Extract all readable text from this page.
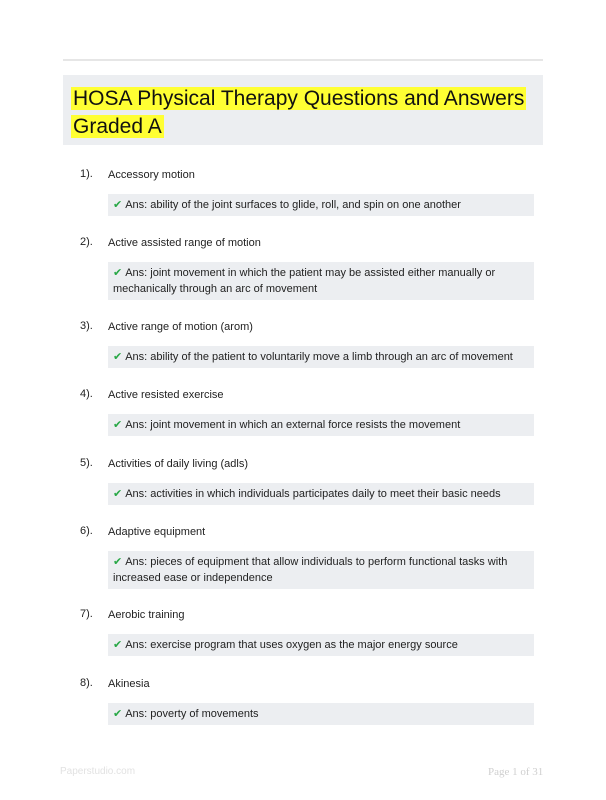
HOSA Physical Therapy Questions and Answers Graded A
1). Accessory motion
✔ Ans: ability of the joint surfaces to glide, roll, and spin on one another
2). Active assisted range of motion
✔ Ans: joint movement in which the patient may be assisted either manually or mechanically through an arc of movement
3). Active range of motion (arom)
✔ Ans: ability of the patient to voluntarily move a limb through an arc of movement
4). Active resisted exercise
✔ Ans: joint movement in which an external force resists the movement
5). Activities of daily living (adls)
✔ Ans: activities in which individuals participates daily to meet their basic needs
6). Adaptive equipment
✔ Ans: pieces of equipment that allow individuals to perform functional tasks with increased ease or independence
7). Aerobic training
✔ Ans: exercise program that uses oxygen as the major energy source
8). Akinesia
✔ Ans: poverty of movements
Paperstudio.com	Page 1 of 31
